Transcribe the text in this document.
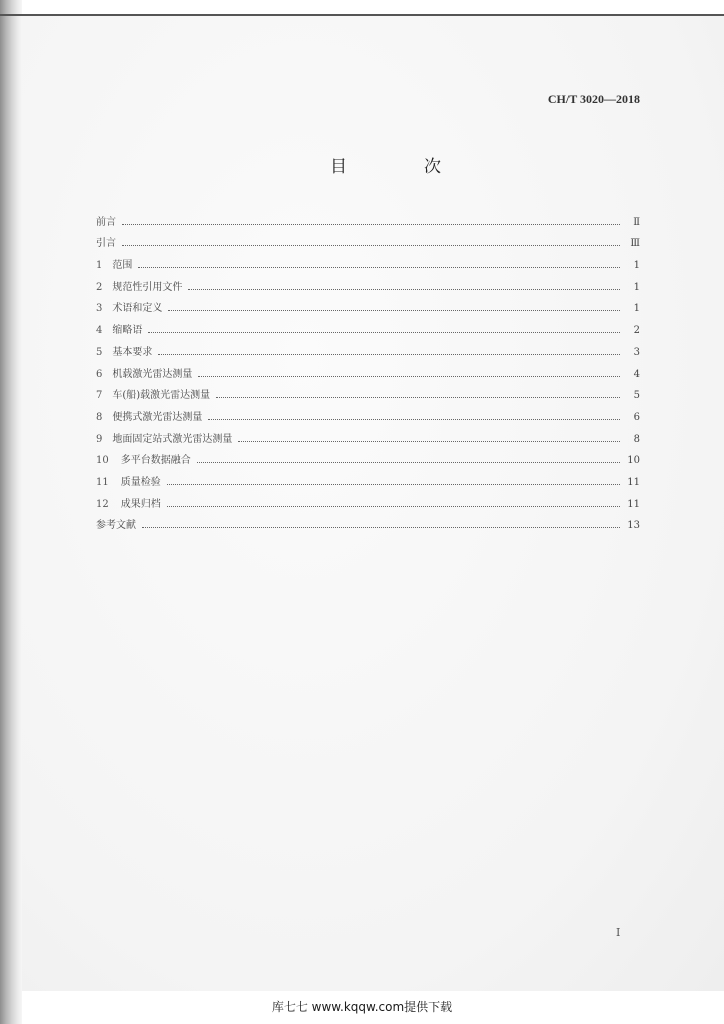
CH/T 3020—2018
目　次
前言	Ⅱ
引言	Ⅲ
1 范围	1
2 规范性引用文件	1
3 术语和定义	1
4 缩略语	2
5 基本要求	3
6 机载激光雷达测量	4
7 车(船)载激光雷达测量	5
8 便携式激光雷达测量	6
9 地面固定站式激光雷达测量	8
10 多平台数据融合	10
11 质量检验	11
12 成果归档	11
参考文献	13
I
库七七 www.kqqw.com提供下载
